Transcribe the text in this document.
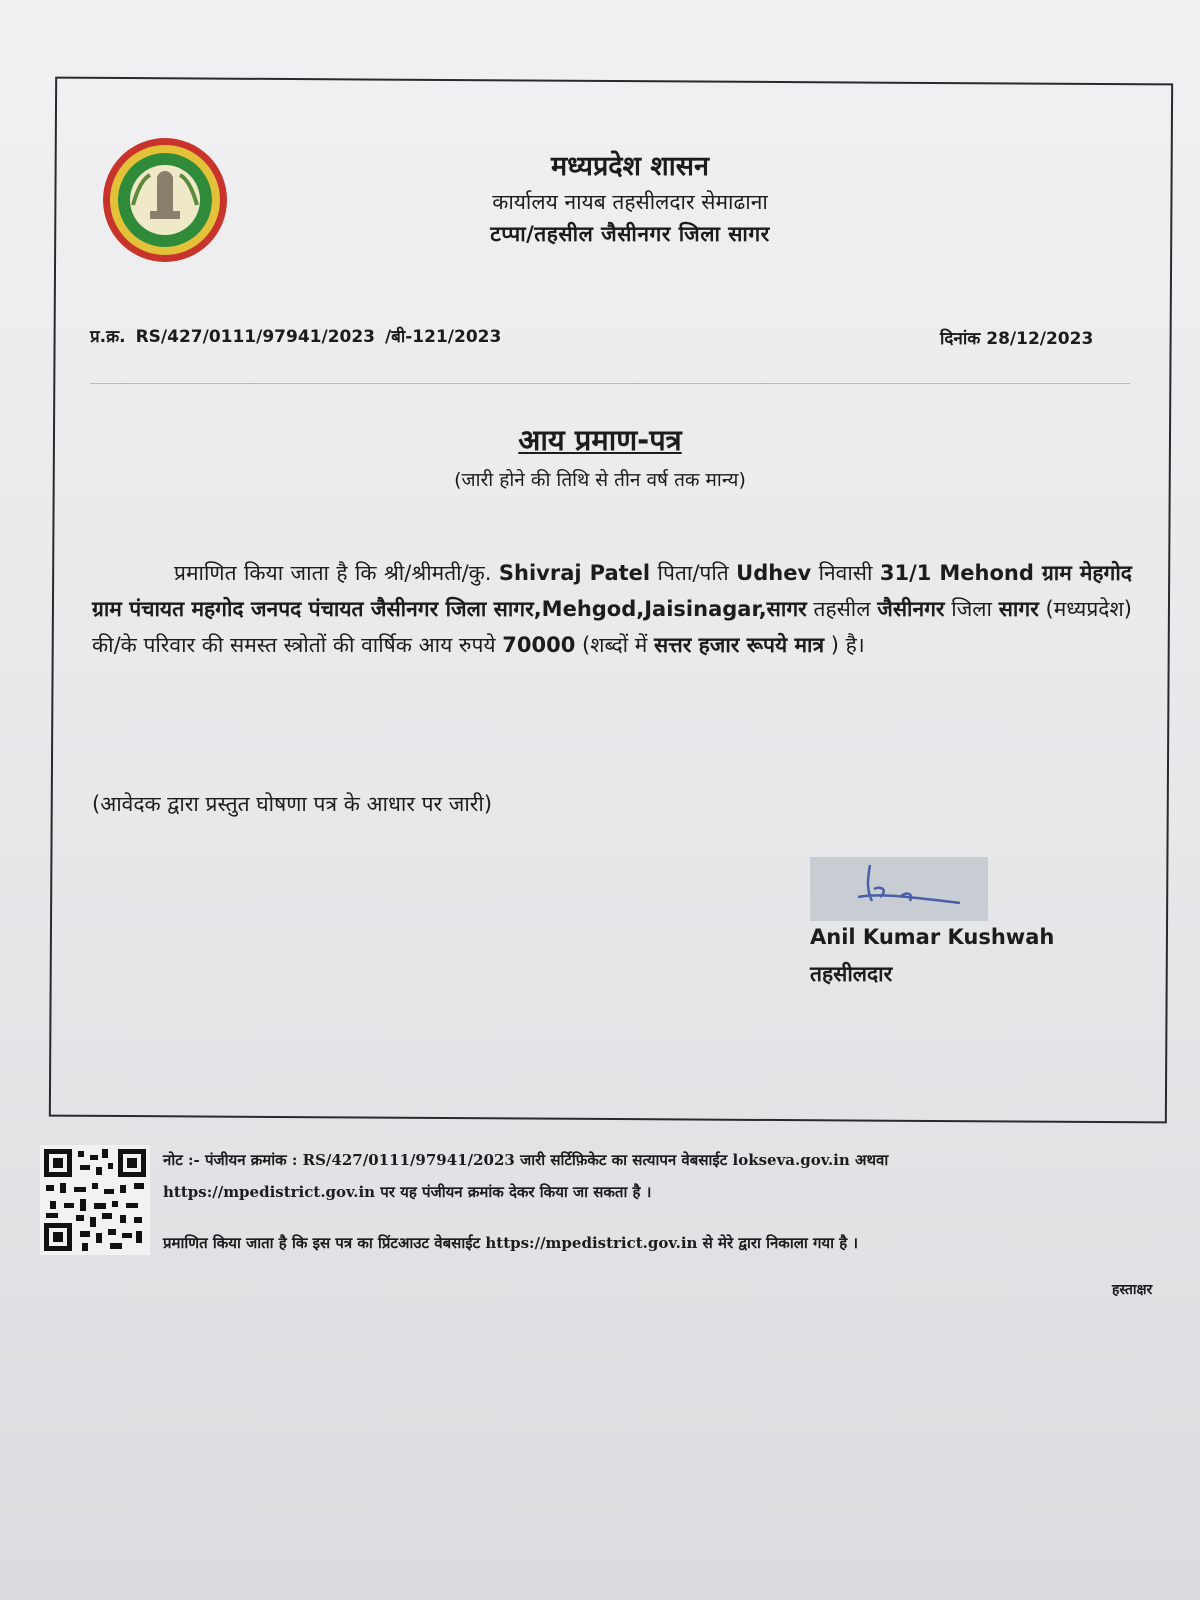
मध्यप्रदेश शासन
कार्यालय नायब तहसीलदार सेमाढाना
टप्पा/तहसील जैसीनगर जिला सागर
प्र.क्र. RS/427/0111/97941/2023 /बी-121/2023	दिनांक 28/12/2023
आय प्रमाण-पत्र
(जारी होने की तिथि से तीन वर्ष तक मान्य)
प्रमाणित किया जाता है कि श्री/श्रीमती/कु. Shivraj Patel पिता/पति Udhev निवासी 31/1 Mehond ग्राम मेहगोद ग्राम पंचायत महगोद जनपद पंचायत जैसीनगर जिला सागर,Mehgod,Jaisinagar,सागर तहसील जैसीनगर जिला सागर (मध्यप्रदेश) की/के परिवार की समस्त स्त्रोतों की वार्षिक आय रुपये 70000 (शब्दों में सत्तर हजार रूपये मात्र ) है।
(आवेदक द्वारा प्रस्तुत घोषणा पत्र के आधार पर जारी)
Anil Kumar Kushwah
तहसीलदार
नोट :- पंजीयन क्रमांक : RS/427/0111/97941/2023 जारी सर्टिफ़िकेट का सत्यापन वेबसाईट lokseva.gov.in अथवा
https://mpedistrict.gov.in पर यह पंजीयन क्रमांक देकर किया जा सकता है ।
प्रमाणित किया जाता है कि इस पत्र का प्रिंटआउट वेबसाईट https://mpedistrict.gov.in से मेरे द्वारा निकाला गया है ।
हस्ताक्षर
